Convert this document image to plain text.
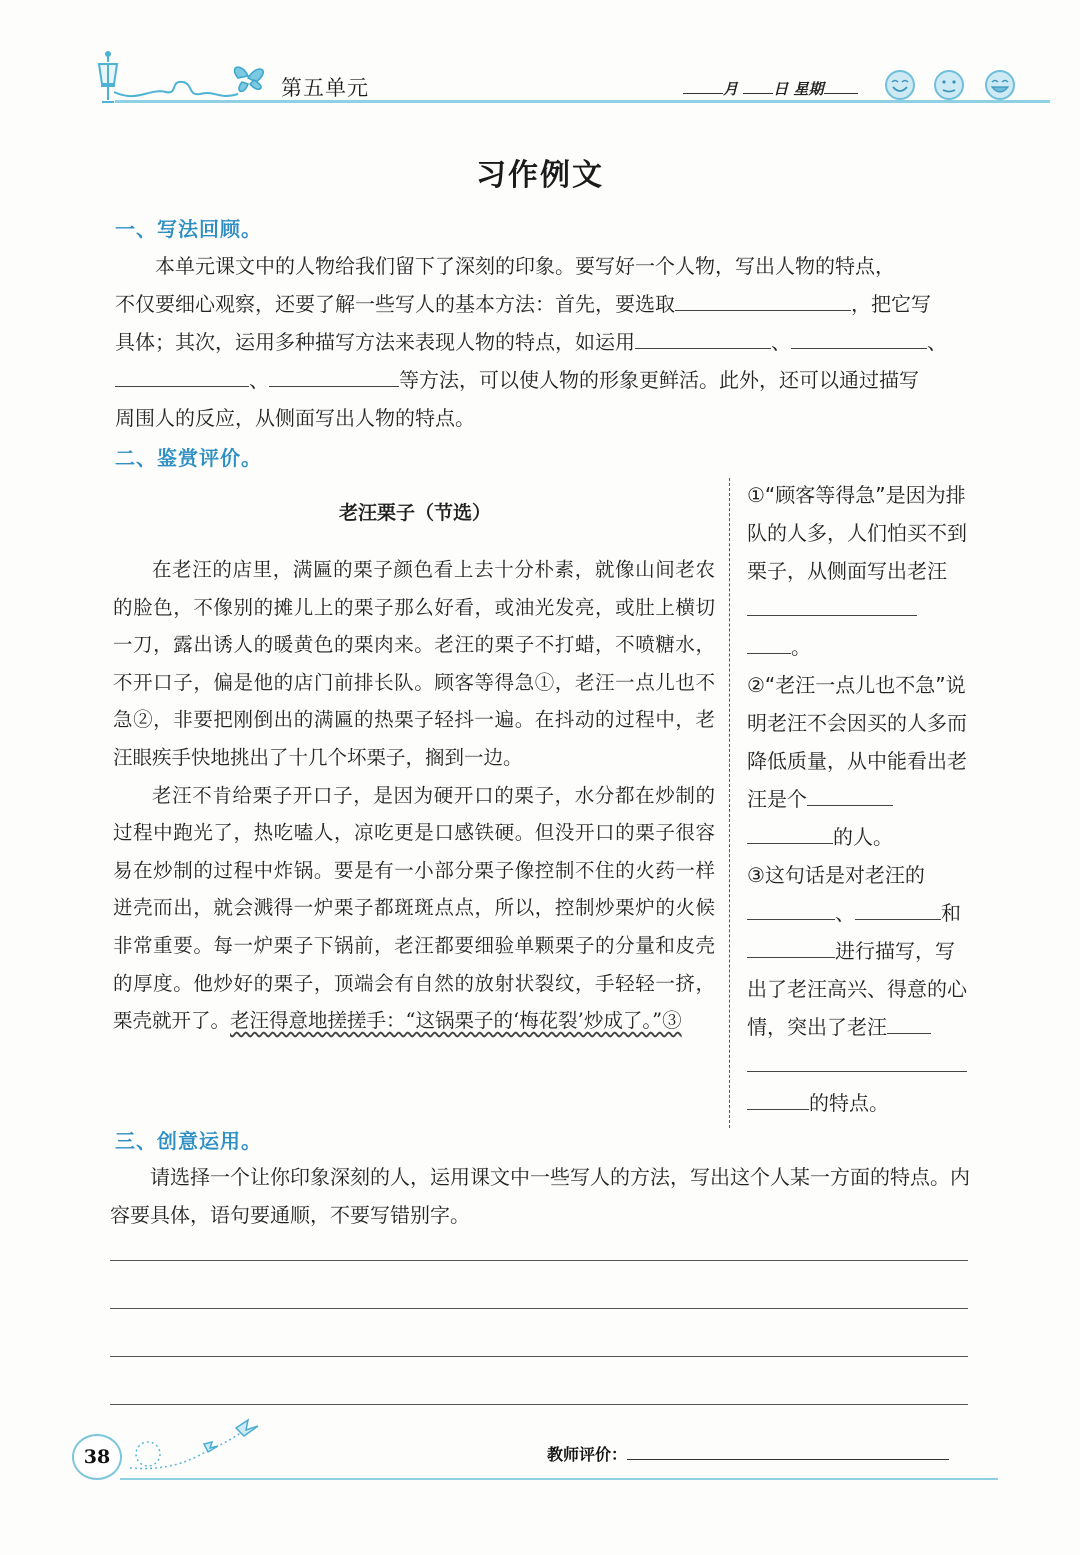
第五单元	月 日 星期
习作例文
一、写法回顾。
本单元课文中的人物给我们留下了深刻的印象。要写好一个人物，写出人物的特点，
不仅要细心观察，还要了解一些写人的基本方法：首先，要选取	，把它写
具体；其次，运用多种描写方法来表现人物的特点，如运用	、	、
、	等方法，可以使人物的形象更鲜活。此外，还可以通过描写
周围人的反应，从侧面写出人物的特点。
二、鉴赏评价。
老汪栗子（节选）

在老汪的店里，满匾的栗子颜色看上去十分朴素，就像山间老农的脸色，不像别的摊儿上的栗子那么好看，或油光发亮，或肚上横切一刀，露出诱人的暖黄色的栗肉来。老汪的栗子不打蜡，不喷糖水，不开口子，偏是他的店门前排长队。顾客等得急①，老汪一点儿也不急②，非要把刚倒出的满匾的热栗子轻抖一遍。在抖动的过程中，老汪眼疾手快地挑出了十几个坏栗子，搁到一边。

老汪不肯给栗子开口子，是因为硬开口的栗子，水分都在炒制的过程中跑光了，热吃嗑人，凉吃更是口感铁硬。但没开口的栗子很容易在炒制的过程中炸锅。要是有一小部分栗子像控制不住的火药一样迸壳而出，就会溅得一炉栗子都斑斑点点，所以，控制炒栗炉的火候非常重要。每一炉栗子下锅前，老汪都要细验单颗栗子的分量和皮壳的厚度。他炒好的栗子，顶端会有自然的放射状裂纹，手轻轻一挤，栗壳就开了。老汪得意地搓搓手：“这锅栗子的‘梅花裂’炒成了。”③

①“顾客等得急”是因为排队的人多，人们怕买不到栗子，从侧面写出老汪
。
②“老汪一点儿也不急”说明老汪不会因买的人多而降低质量，从中能看出老汪是个
的人。
③这句话是对老汪的
、	和
进行描写，写出了老汪高兴、得意的心情，突出了老汪

的特点。
三、创意运用。
请选择一个让你印象深刻的人，运用课文中一些写人的方法，写出这个人某一方面的特点。内容要具体，语句要通顺，不要写错别字。
38	教师评价：
